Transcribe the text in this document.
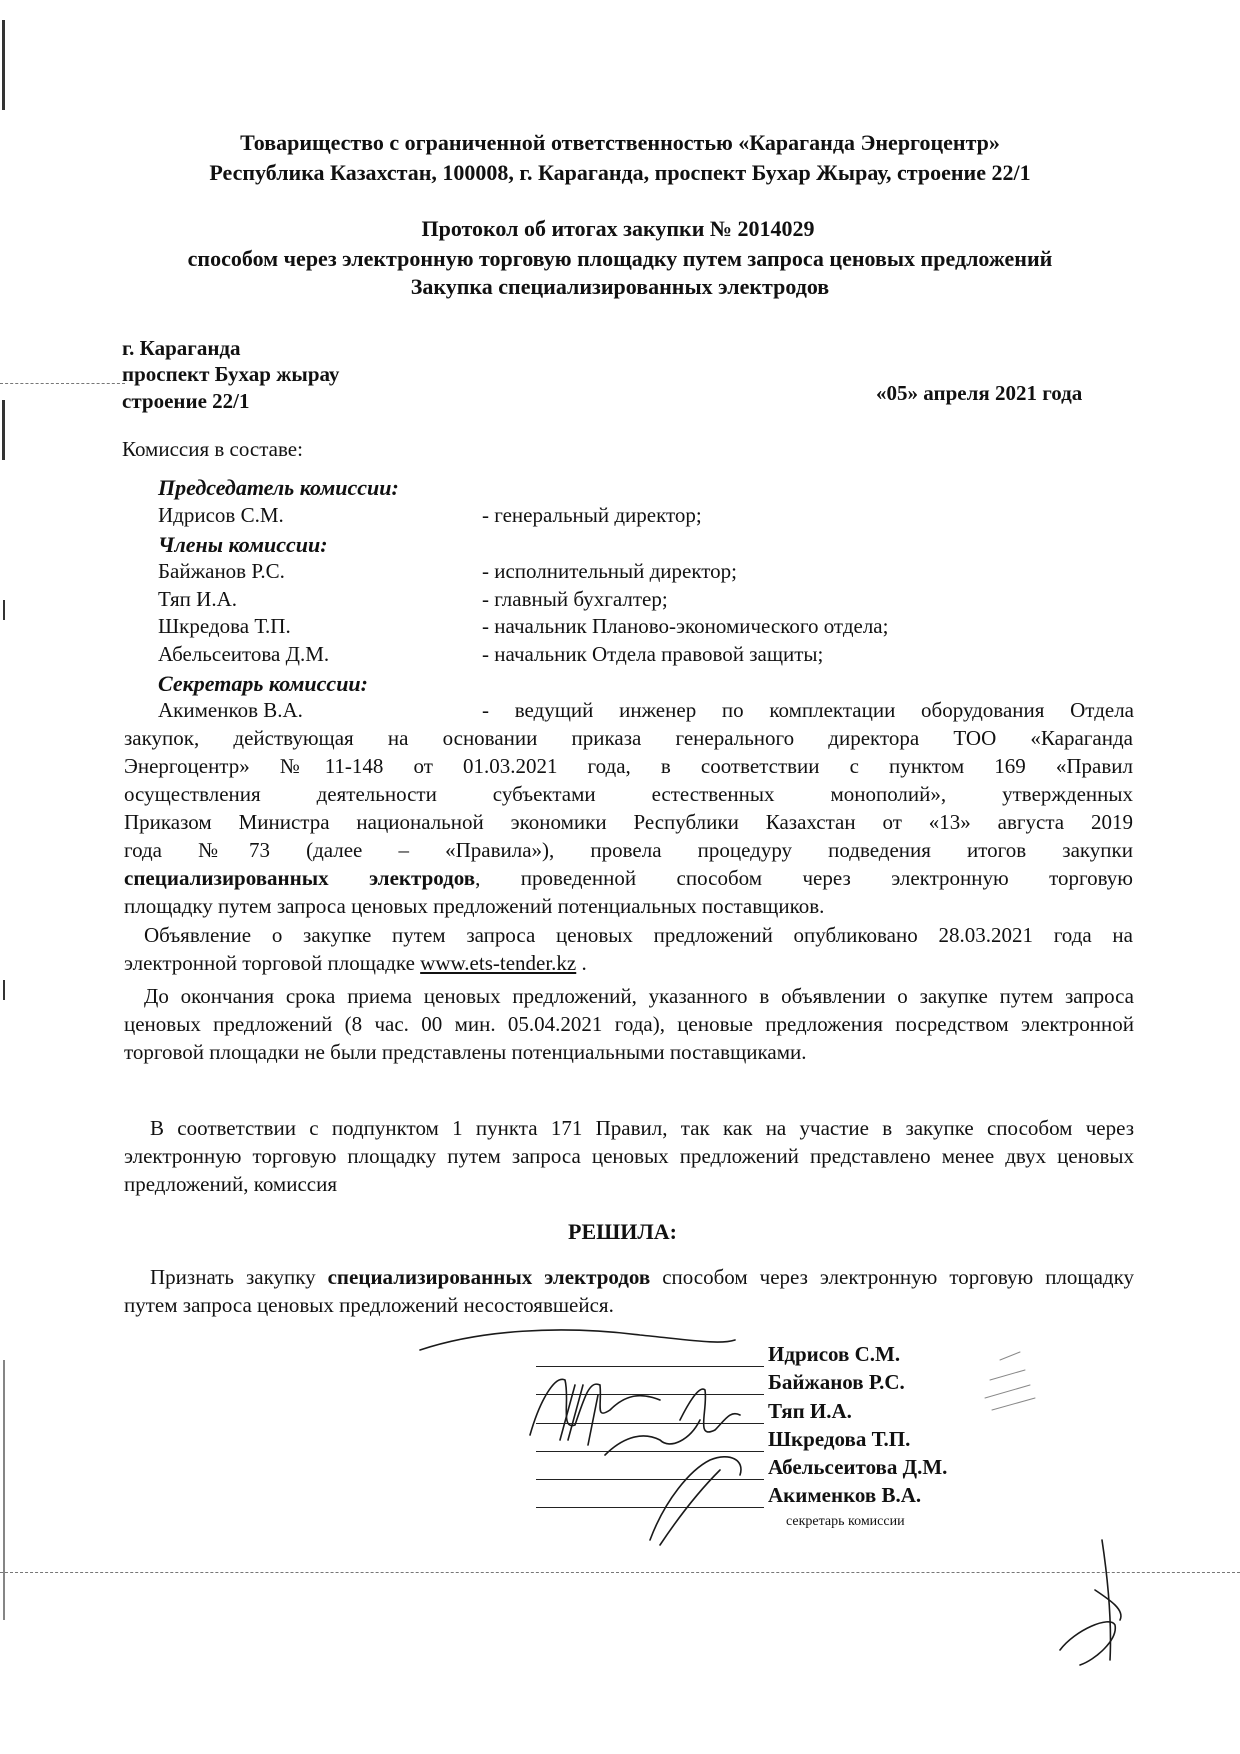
Товарищество с ограниченной ответственностью «Караганда Энергоцентр»
Республика Казахстан, 100008, г. Караганда, проспект Бухар Жырау, строение 22/1
Протокол об итогах закупки № 2014029
способом через электронную торговую площадку путем запроса ценовых предложений
Закупка специализированных электродов
г. Караганда
проспект Бухар жырау
строение 22/1	«05» апреля 2021 года
Комиссия в составе:
Председатель комиссии:
Идрисов С.М.	- генеральный директор;
Члены комиссии:
Байжанов Р.С.	- исполнительный директор;
Тяп И.А.	- главный бухгалтер;
Шкредова Т.П.	- начальник Планово-экономического отдела;
Абельсеитова Д.М.	- начальник Отдела правовой защиты;
Секретарь комиссии:
Акименков В.А.	- ведущий инженер по комплектации оборудования Отдела
закупок, действующая на основании приказа генерального директора ТОО «Караганда
Энергоцентр» №11-148 от 01.03.2021 года, в соответствии с пунктом 169 «Правил
осуществления деятельности субъектами естественных монополий», утвержденных
Приказом Министра национальной экономики Республики Казахстан от «13» августа 2019
года №73 (далее – «Правила»), провела процедуру подведения итогов закупки
специализированных электродов, проведенной способом через электронную торговую
площадку путем запроса ценовых предложений потенциальных поставщиков.
Объявление о закупке путем запроса ценовых предложений опубликовано 28.03.2021 года на
электронной торговой площадке www.ets-tender.kz .
До окончания срока приема ценовых предложений, указанного в объявлении о закупке путем запроса ценовых предложений (8 час. 00 мин. 05.04.2021 года), ценовые предложения посредством электронной торговой площадки не были представлены потенциальными поставщиками.
В соответствии с подпунктом 1 пункта 171 Правил, так как на участие в закупке способом через электронную торговую площадку путем запроса ценовых предложений представлено менее двух ценовых предложений, комиссия
РЕШИЛА:
Признать закупку специализированных электродов способом через электронную торговую площадку путем запроса ценовых предложений несостоявшейся.
Идрисов С.М.
Байжанов Р.С.
Тяп И.А.
Шкредова Т.П.
Абельсеитова Д.М.
Акименков В.А.
секретарь комиссии
